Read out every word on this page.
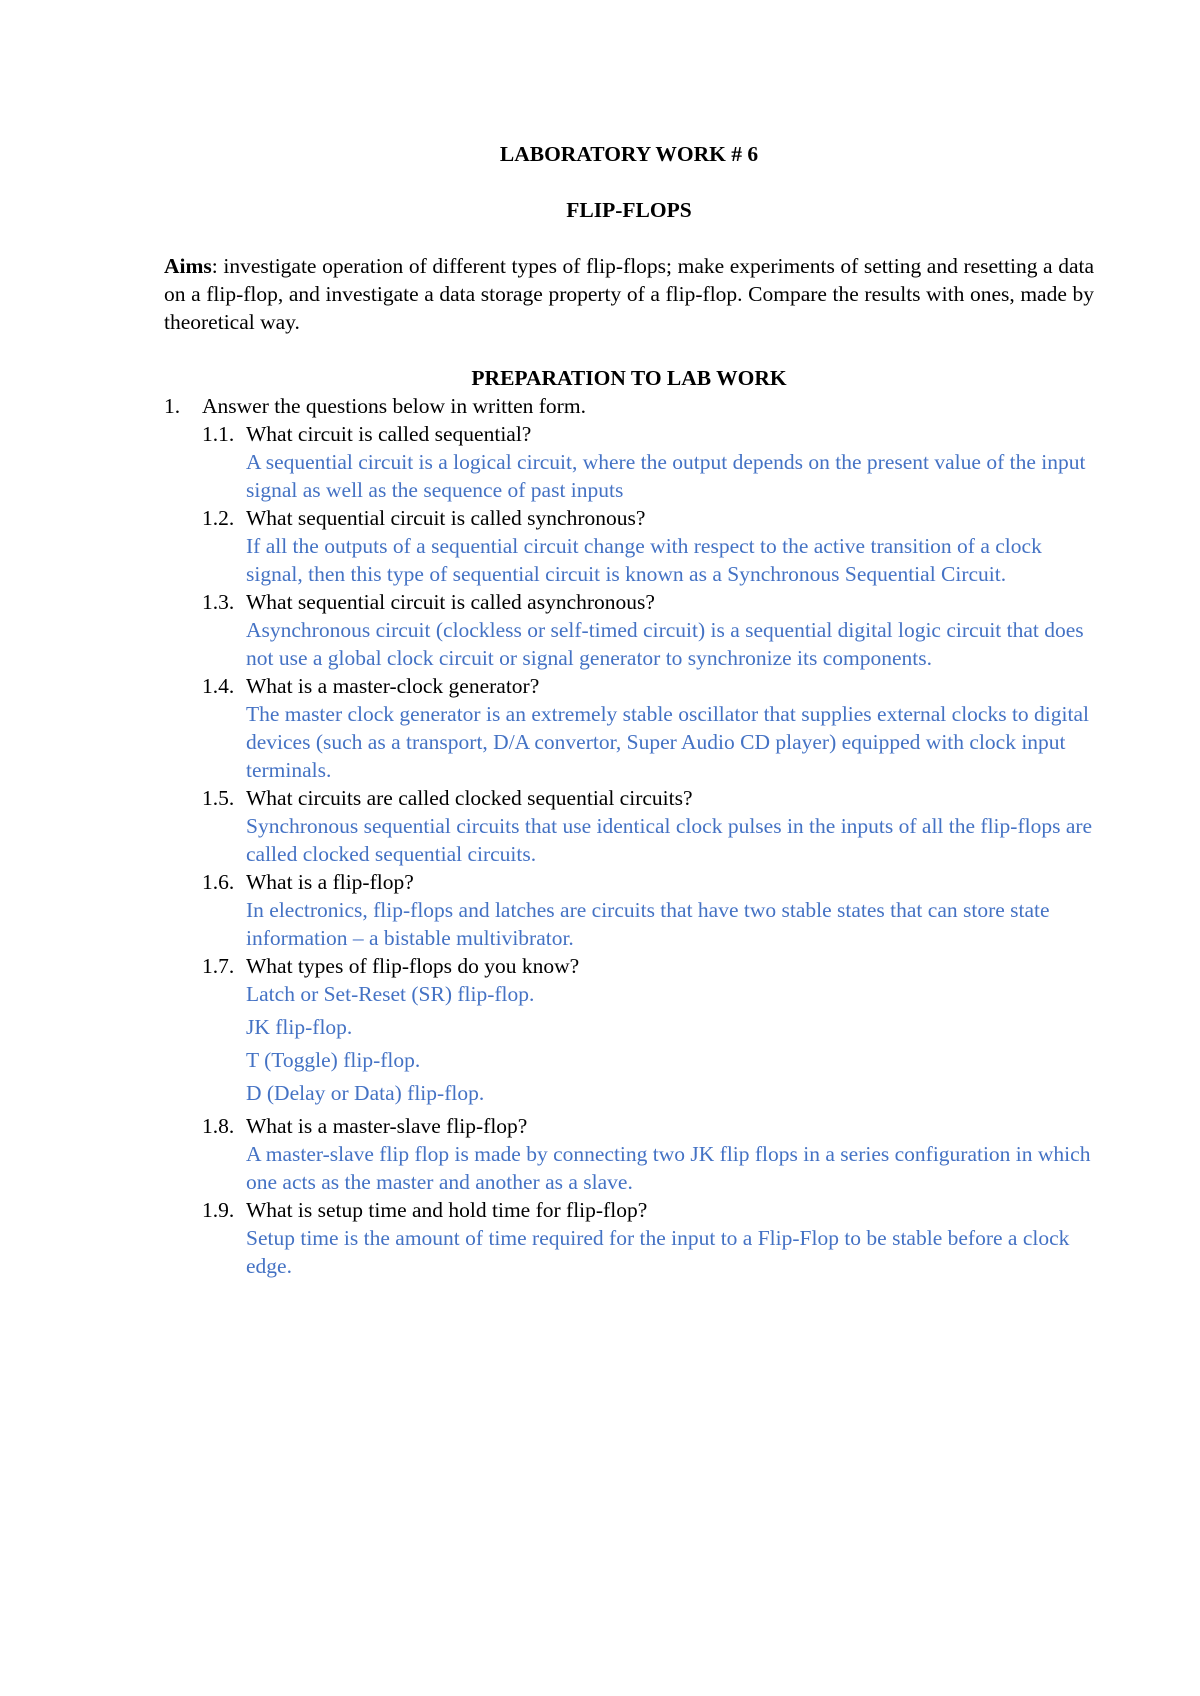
LABORATORY WORK # 6
FLIP-FLOPS
Aims: investigate operation of different types of flip-flops; make experiments of setting and resetting a data on a flip-flop, and investigate a data storage property of a flip-flop. Compare the results with ones, made by theoretical way.
PREPARATION TO LAB WORK
1.	Answer the questions below in written form.
1.1. What circuit is called sequential?
A sequential circuit is a logical circuit, where the output depends on the present value of the input signal as well as the sequence of past inputs
1.2. What sequential circuit is called synchronous?
If all the outputs of a sequential circuit change with respect to the active transition of a clock signal, then this type of sequential circuit is known as a Synchronous Sequential Circuit.
1.3. What sequential circuit is called asynchronous?
Asynchronous circuit (clockless or self-timed circuit) is a sequential digital logic circuit that does not use a global clock circuit or signal generator to synchronize its components.
1.4. What is a master-clock generator?
The master clock generator is an extremely stable oscillator that supplies external clocks to digital devices (such as a transport, D/A convertor, Super Audio CD player) equipped with clock input terminals.
1.5. What circuits are called clocked sequential circuits?
Synchronous sequential circuits that use identical clock pulses in the inputs of all the flip-flops are called clocked sequential circuits.
1.6. What is a flip-flop?
In electronics, flip-flops and latches are circuits that have two stable states that can store state information – a bistable multivibrator.
1.7. What types of flip-flops do you know?
Latch or Set-Reset (SR) flip-flop.
JK flip-flop.
T (Toggle) flip-flop.
D (Delay or Data) flip-flop.
1.8. What is a master-slave flip-flop?
A master-slave flip flop is made by connecting two JK flip flops in a series configuration in which one acts as the master and another as a slave.
1.9. What is setup time and hold time for flip-flop?
Setup time is the amount of time required for the input to a Flip-Flop to be stable before a clock edge.
